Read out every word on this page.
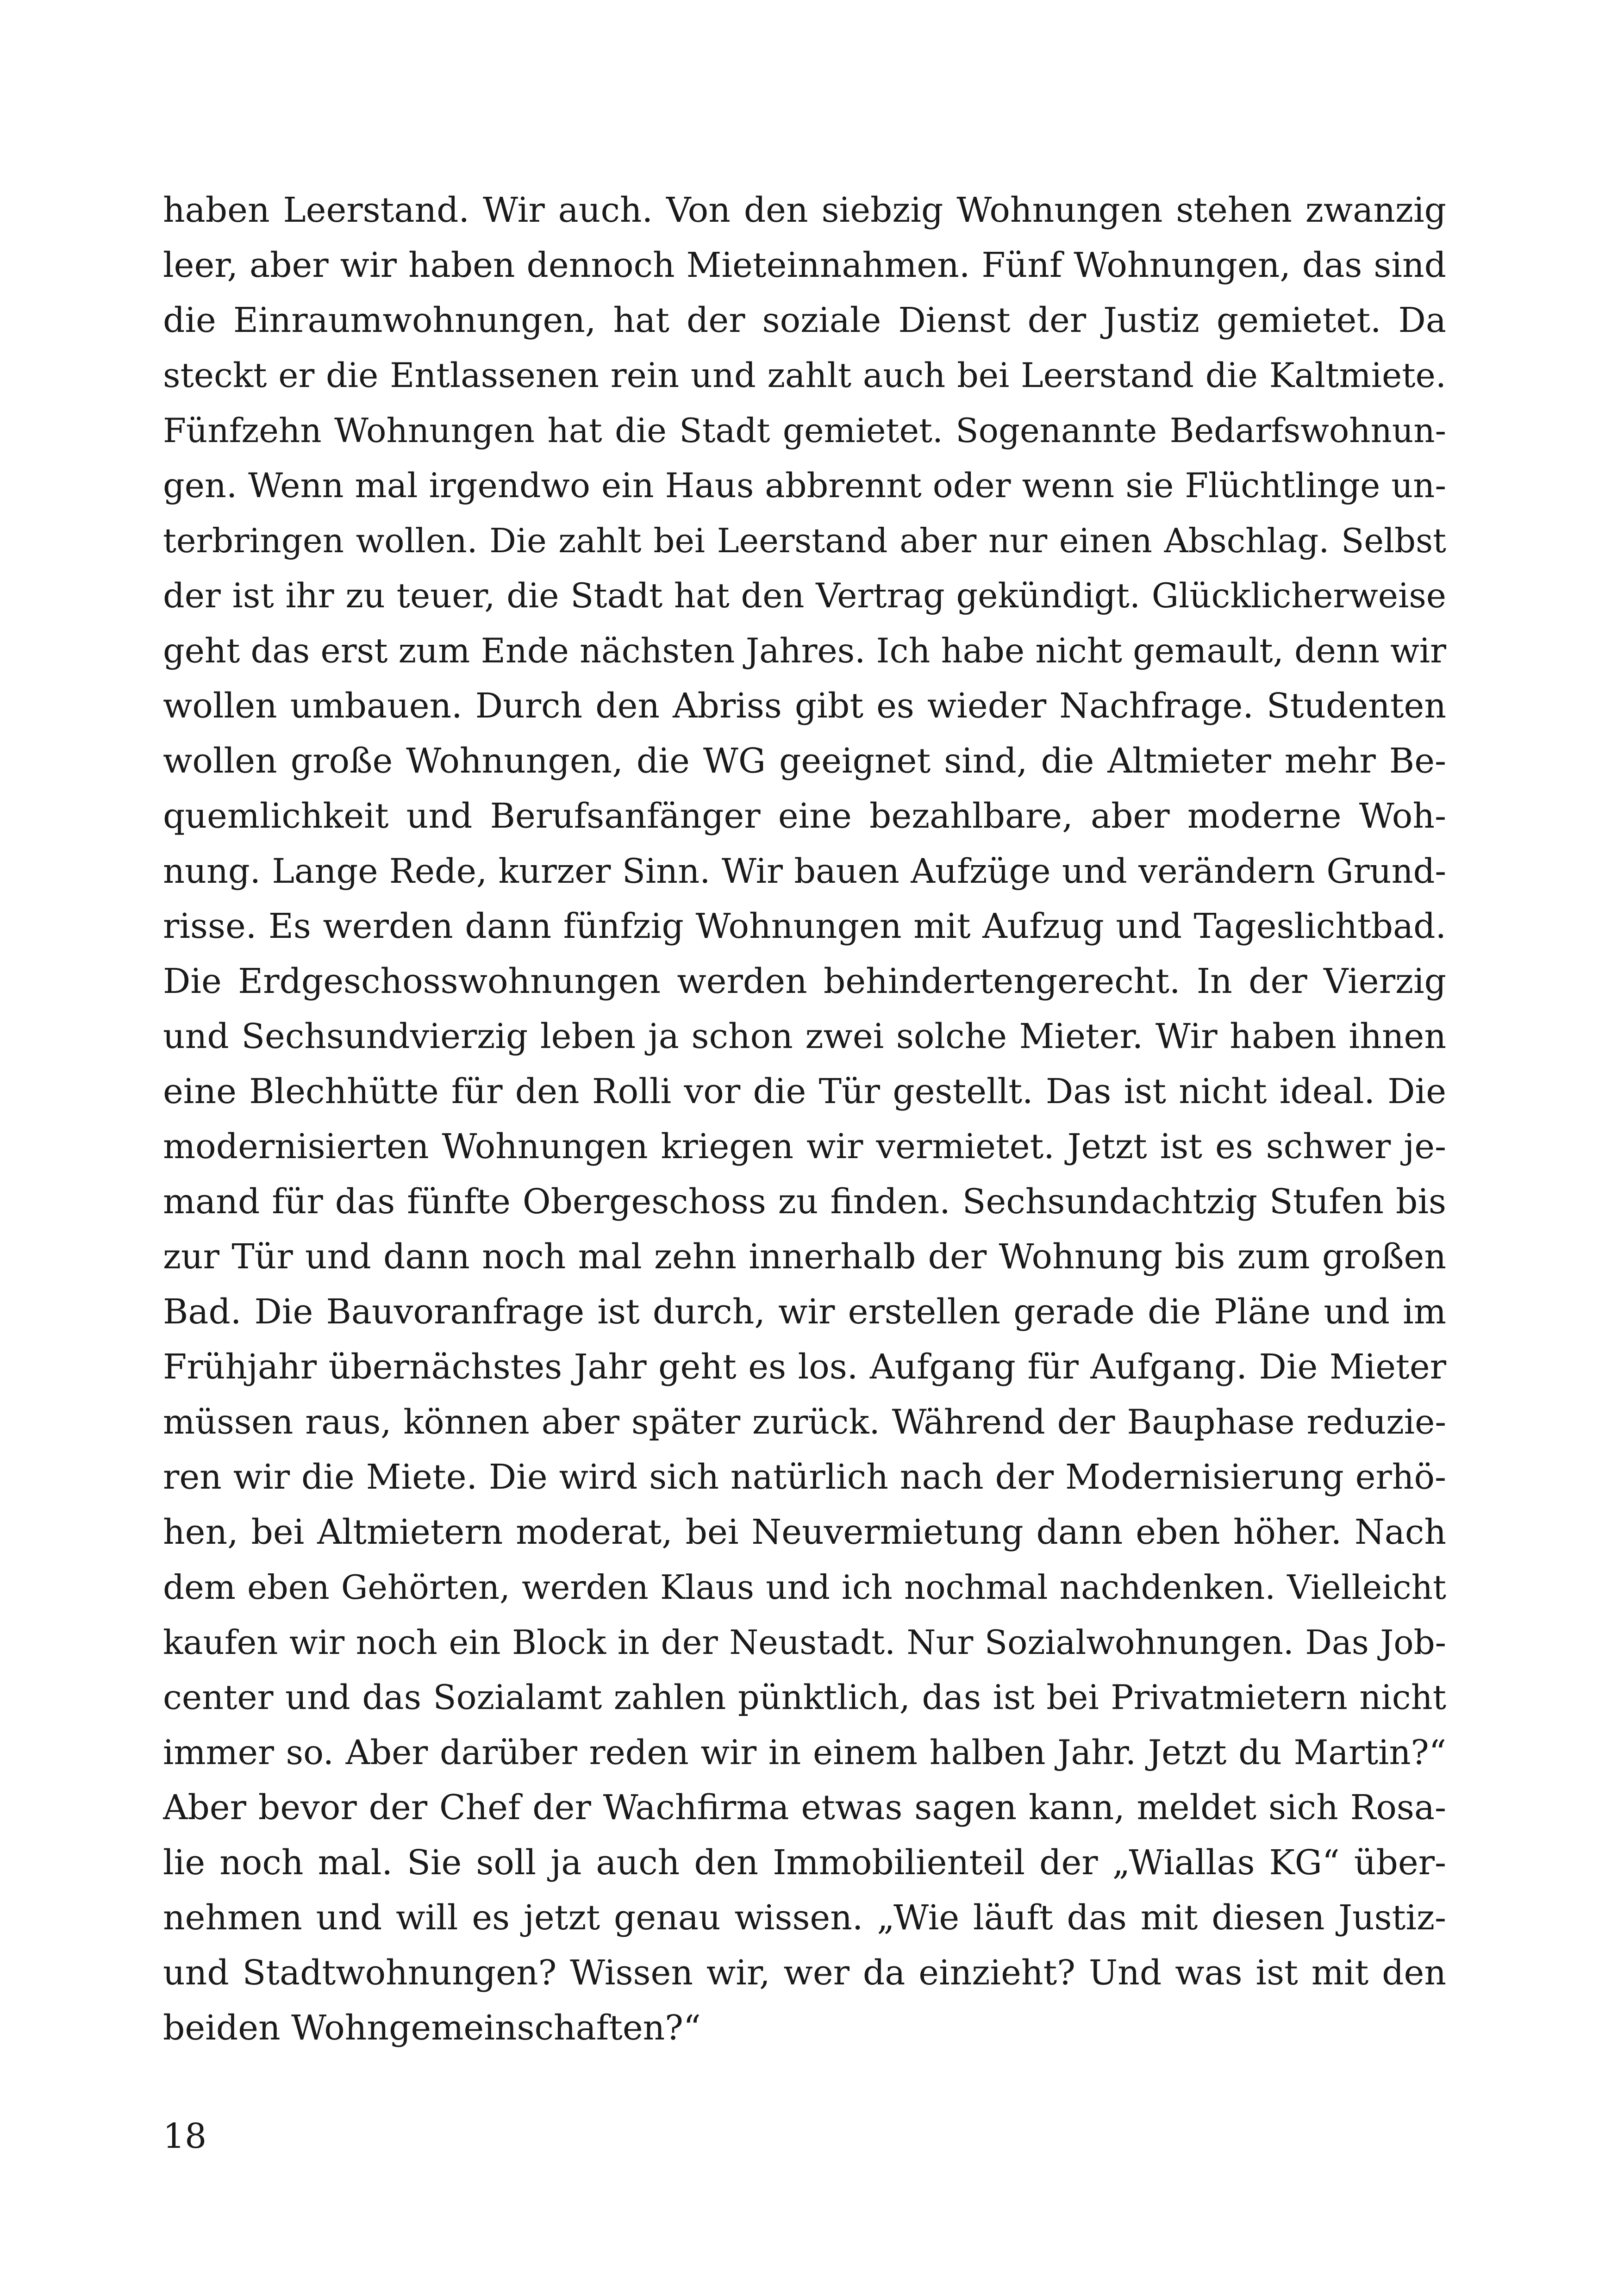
haben Leerstand. Wir auch. Von den siebzig Wohnungen stehen zwanzig
leer, aber wir haben dennoch Mieteinnahmen. Fünf Wohnungen, das sind
die Einraumwohnungen, hat der soziale Dienst der Justiz gemietet. Da
steckt er die Entlassenen rein und zahlt auch bei Leerstand die Kaltmiete.
Fünfzehn Wohnungen hat die Stadt gemietet. Sogenannte Bedarfswohnun-
gen. Wenn mal irgendwo ein Haus abbrennt oder wenn sie Flüchtlinge un-
terbringen wollen. Die zahlt bei Leerstand aber nur einen Abschlag. Selbst
der ist ihr zu teuer, die Stadt hat den Vertrag gekündigt. Glücklicherweise
geht das erst zum Ende nächsten Jahres. Ich habe nicht gemault, denn wir
wollen umbauen. Durch den Abriss gibt es wieder Nachfrage. Studenten
wollen große Wohnungen, die WG geeignet sind, die Altmieter mehr Be-
quemlichkeit und Berufsanfänger eine bezahlbare, aber moderne Woh-
nung. Lange Rede, kurzer Sinn. Wir bauen Aufzüge und verändern Grund-
risse. Es werden dann fünfzig Wohnungen mit Aufzug und Tageslichtbad.
Die Erdgeschosswohnungen werden behindertengerecht. In der Vierzig
und Sechsundvierzig leben ja schon zwei solche Mieter. Wir haben ihnen
eine Blechhütte für den Rolli vor die Tür gestellt. Das ist nicht ideal. Die
modernisierten Wohnungen kriegen wir vermietet. Jetzt ist es schwer je-
mand für das fünfte Obergeschoss zu finden. Sechsundachtzig Stufen bis
zur Tür und dann noch mal zehn innerhalb der Wohnung bis zum großen
Bad. Die Bauvoranfrage ist durch, wir erstellen gerade die Pläne und im
Frühjahr übernächstes Jahr geht es los. Aufgang für Aufgang. Die Mieter
müssen raus, können aber später zurück. Während der Bauphase reduzie-
ren wir die Miete. Die wird sich natürlich nach der Modernisierung erhö-
hen, bei Altmietern moderat, bei Neuvermietung dann eben höher. Nach
dem eben Gehörten, werden Klaus und ich nochmal nachdenken. Vielleicht
kaufen wir noch ein Block in der Neustadt. Nur Sozialwohnungen. Das Job-
center und das Sozialamt zahlen pünktlich, das ist bei Privatmietern nicht
immer so. Aber darüber reden wir in einem halben Jahr. Jetzt du Martin?“
Aber bevor der Chef der Wachfirma etwas sagen kann, meldet sich Rosa-
lie noch mal. Sie soll ja auch den Immobilienteil der „Wiallas KG“ über-
nehmen und will es jetzt genau wissen. „Wie läuft das mit diesen Justiz-
und Stadtwohnungen? Wissen wir, wer da einzieht? Und was ist mit den
beiden Wohngemeinschaften?“
18
